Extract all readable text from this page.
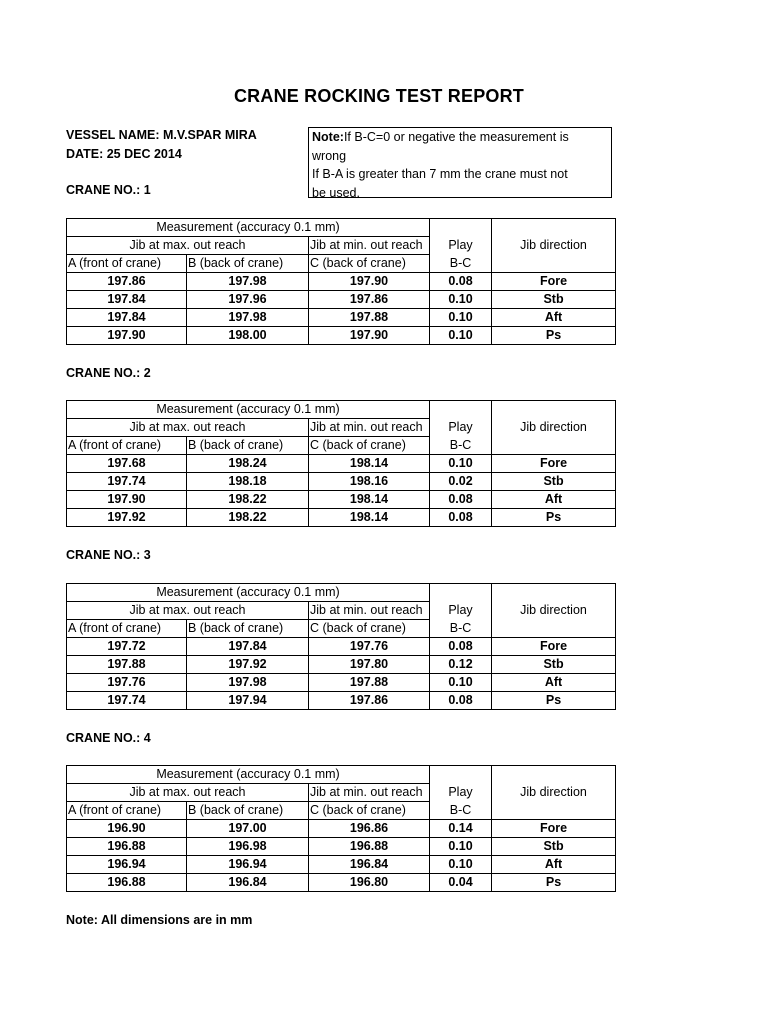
CRANE ROCKING TEST REPORT
VESSEL NAME: M.V.SPAR MIRA
DATE: 25 DEC 2014
Note:If B-C=0 or negative the measurement is
wrong
If B-A is greater than 7 mm the crane must not
be used.
CRANE NO.: 1
Measurement (accuracy 0.1 mm)				
Jib at max. out reach		Jib at min. out reach	Play	Jib direction
A (front of crane)	B (back of crane)	C (back of crane)	B-C	
197.86	197.98	197.90	0.08	Fore
197.84	197.96	197.86	0.10	Stb
197.84	197.98	197.88	0.10	Aft
197.90	198.00	197.90	0.10	Ps
CRANE NO.: 2
Measurement (accuracy 0.1 mm)				
Jib at max. out reach		Jib at min. out reach	Play	Jib direction
A (front of crane)	B (back of crane)	C (back of crane)	B-C	
197.68	198.24	198.14	0.10	Fore
197.74	198.18	198.16	0.02	Stb
197.90	198.22	198.14	0.08	Aft
197.92	198.22	198.14	0.08	Ps
CRANE NO.: 3
Measurement (accuracy 0.1 mm)				
Jib at max. out reach		Jib at min. out reach	Play	Jib direction
A (front of crane)	B (back of crane)	C (back of crane)	B-C	
197.72	197.84	197.76	0.08	Fore
197.88	197.92	197.80	0.12	Stb
197.76	197.98	197.88	0.10	Aft
197.74	197.94	197.86	0.08	Ps
CRANE NO.: 4
Measurement (accuracy 0.1 mm)				
Jib at max. out reach		Jib at min. out reach	Play	Jib direction
A (front of crane)	B (back of crane)	C (back of crane)	B-C	
196.90	197.00	196.86	0.14	Fore
196.88	196.98	196.88	0.10	Stb
196.94	196.94	196.84	0.10	Aft
196.88	196.84	196.80	0.04	Ps
Note: All dimensions are in mm
